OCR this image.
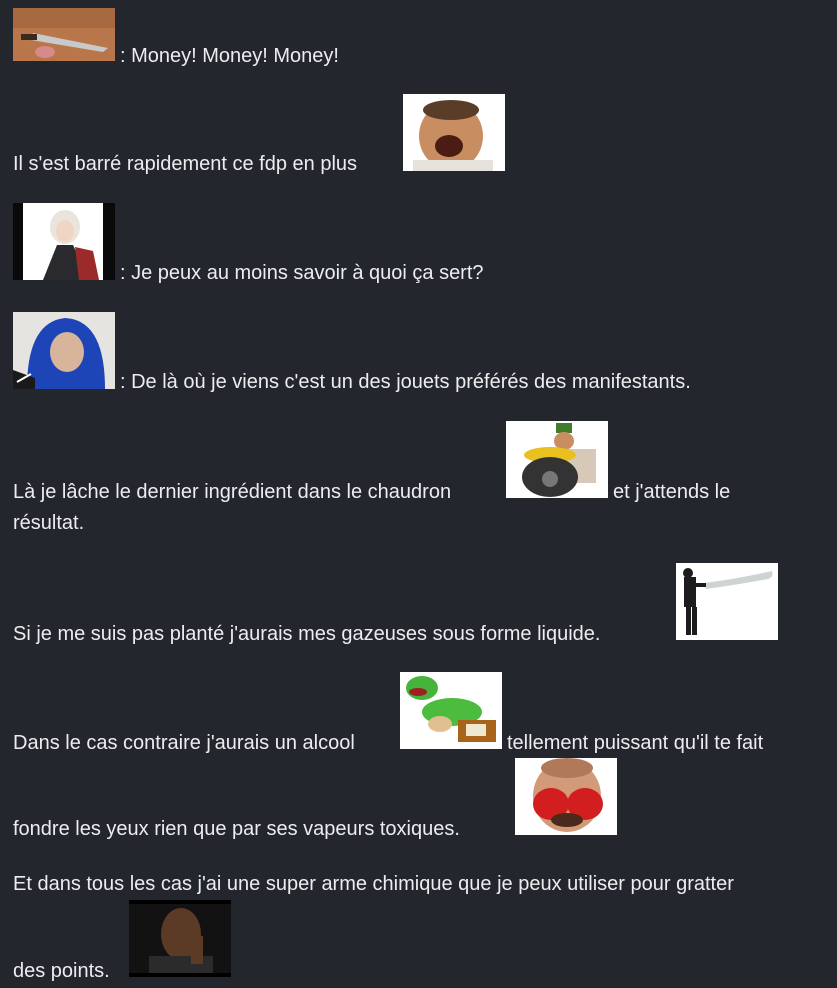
: Money! Money! Money!
Il s'est barré rapidement ce fdp en plus
: Je peux au moins savoir à quoi ça sert?
: De là où je viens c'est un des jouets préférés des manifestants.
Là je lâche le dernier ingrédient dans le chaudron	et j'attends le
résultat.
Si je me suis pas planté j'aurais mes gazeuses sous forme liquide.
Dans le cas contraire j'aurais un alcool	tellement puissant qu'il te fait
fondre les yeux rien que par ses vapeurs toxiques.
Et dans tous les cas j'ai une super arme chimique que je peux utiliser pour gratter
des points.
